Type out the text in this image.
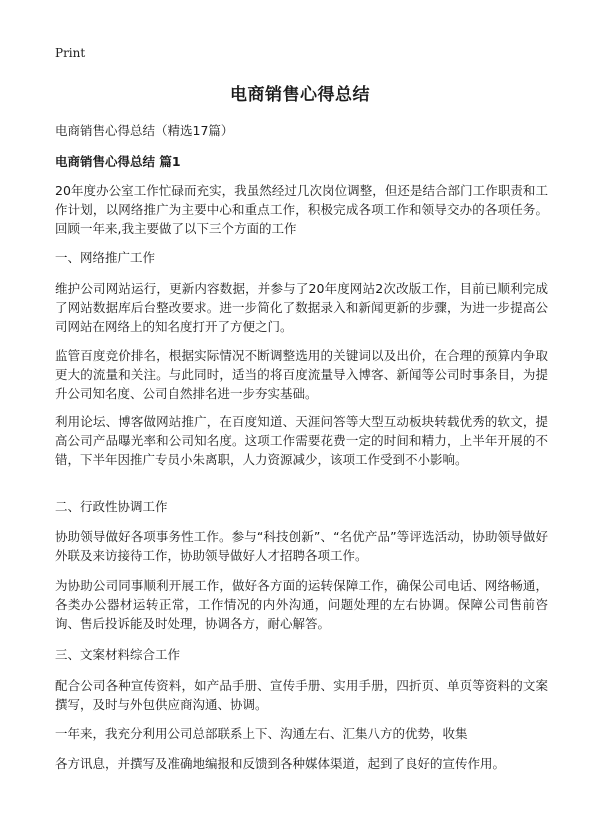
Print
电商销售心得总结
电商销售心得总结（精选17篇）
电商销售心得总结 篇1

20年度办公室工作忙碌而充实，我虽然经过几次岗位调整，但还是结合部门工作职责和工作计划，以网络推广为主要中心和重点工作，积极完成各项工作和领导交办的各项任务。回顾一年来,我主要做了以下三个方面的工作

一、网络推广工作

维护公司网站运行，更新内容数据，并参与了20年度网站2次改版工作，目前已顺利完成了网站数据库后台整改要求。进一步简化了数据录入和新闻更新的步骤，为进一步提高公司网站在网络上的知名度打开了方便之门。

监管百度竞价排名，根据实际情况不断调整选用的关键词以及出价，在合理的预算内争取更大的流量和关注。与此同时，适当的将百度流量导入博客、新闻等公司时事条目，为提升公司知名度、公司自然排名进一步夯实基础。

利用论坛、博客做网站推广，在百度知道、天涯问答等大型互动板块转载优秀的软文，提高公司产品曝光率和公司知名度。这项工作需要花费一定的时间和精力，上半年开展的不错，下半年因推广专员小朱离职，人力资源减少，该项工作受到不小影响。

二、行政性协调工作

协助领导做好各项事务性工作。参与“科技创新”、“名优产品”等评选活动，协助领导做好外联及来访接待工作，协助领导做好人才招聘各项工作。

为协助公司同事顺利开展工作，做好各方面的运转保障工作，确保公司电话、网络畅通，各类办公器材运转正常，工作情况的内外沟通，问题处理的左右协调。保障公司售前咨询、售后投诉能及时处理，协调各方，耐心解答。

三、文案材料综合工作

配合公司各种宣传资料，如产品手册、宣传手册、实用手册，四折页、单页等资料的文案撰写，及时与外包供应商沟通、协调。

一年来，我充分利用公司总部联系上下、沟通左右、汇集八方的优势，收集

各方讯息，并撰写及准确地编报和反馈到各种媒体渠道，起到了良好的宣传作用。
